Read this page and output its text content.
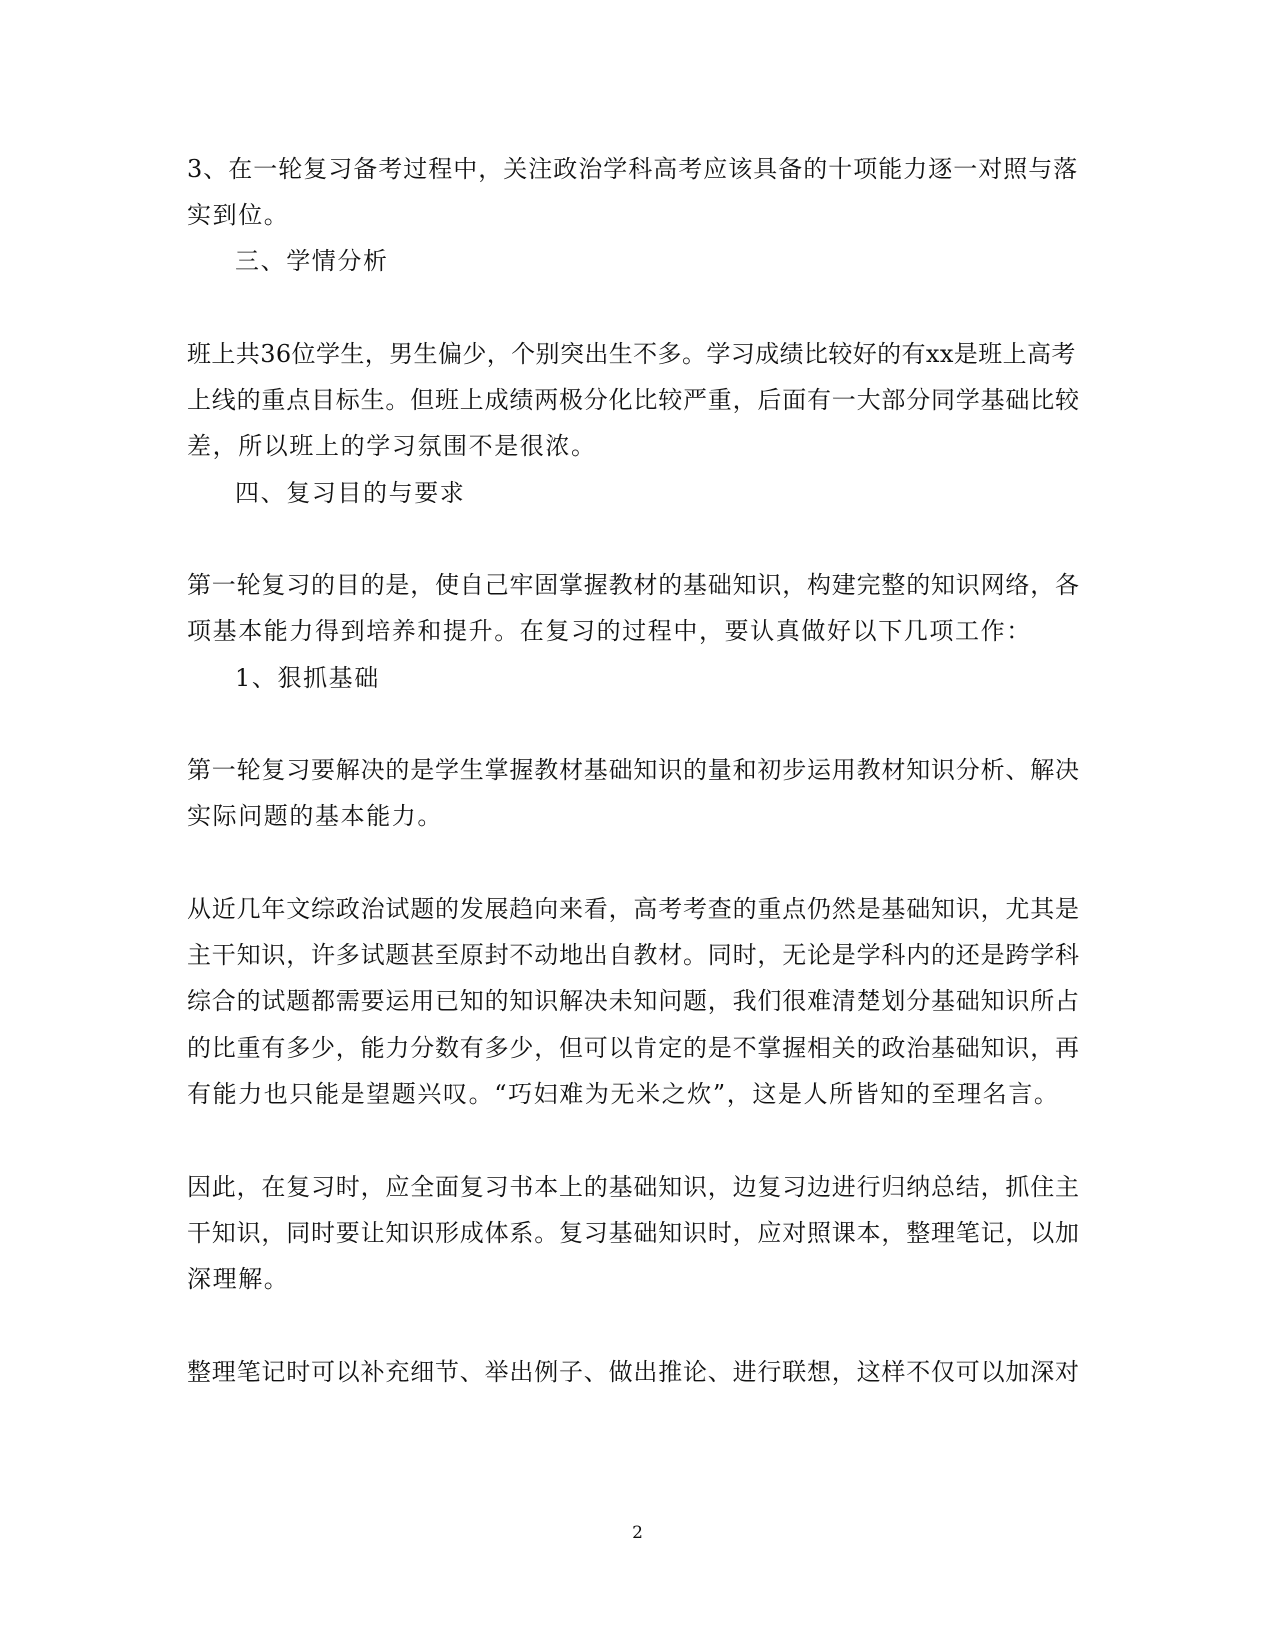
3、在一轮复习备考过程中，关注政治学科高考应该具备的十项能力逐一对照与落
实到位。
三、学情分析
班上共36位学生，男生偏少，个别突出生不多。学习成绩比较好的有xx是班上高考
上线的重点目标生。但班上成绩两极分化比较严重，后面有一大部分同学基础比较
差，所以班上的学习氛围不是很浓。
四、复习目的与要求
第一轮复习的目的是，使自己牢固掌握教材的基础知识，构建完整的知识网络，各
项基本能力得到培养和提升。在复习的过程中，要认真做好以下几项工作：
1、狠抓基础
第一轮复习要解决的是学生掌握教材基础知识的量和初步运用教材知识分析、解决
实际问题的基本能力。
从近几年文综政治试题的发展趋向来看，高考考查的重点仍然是基础知识，尤其是
主干知识，许多试题甚至原封不动地出自教材。同时，无论是学科内的还是跨学科
综合的试题都需要运用已知的知识解决未知问题，我们很难清楚划分基础知识所占
的比重有多少，能力分数有多少，但可以肯定的是不掌握相关的政治基础知识，再
有能力也只能是望题兴叹。“巧妇难为无米之炊”，这是人所皆知的至理名言。
因此，在复习时，应全面复习书本上的基础知识，边复习边进行归纳总结，抓住主
干知识，同时要让知识形成体系。复习基础知识时，应对照课本，整理笔记，以加
深理解。
整理笔记时可以补充细节、举出例子、做出推论、进行联想，这样不仅可以加深对
2
